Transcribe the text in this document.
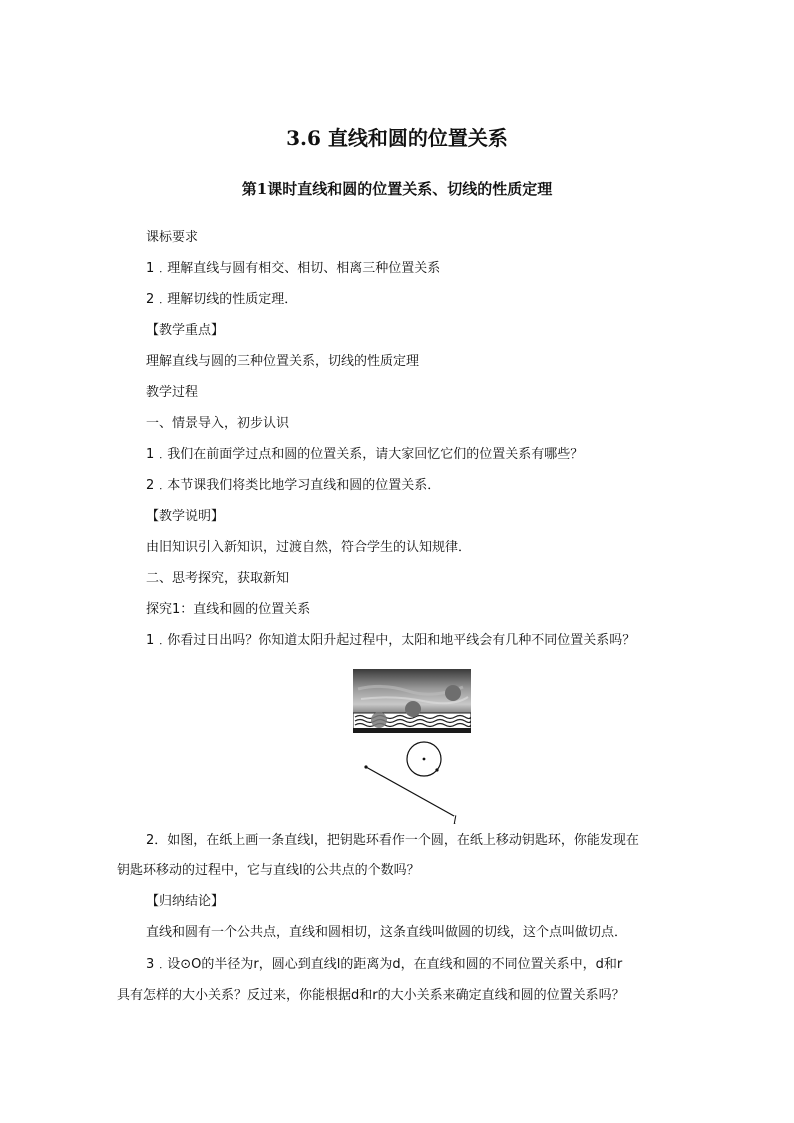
3.6 直线和圆的位置关系
第1课时直线和圆的位置关系、切线的性质定理
课标要求
1﹒理解直线与圆有相交、相切、相离三种位置关系
2﹒理解切线的性质定理．
【教学重点】
理解直线与圆的三种位置关系，切线的性质定理
教学过程
一、情景导入，初步认识
1﹒我们在前面学过点和圆的位置关系，请大家回忆它们的位置关系有哪些？
2﹒本节课我们将类比地学习直线和圆的位置关系．
【教学说明】
由旧知识引入新知识，过渡自然，符合学生的认知规律．
二、思考探究，获取新知
探究1：直线和圆的位置关系
1﹒你看过日出吗？你知道太阳升起过程中，太阳和地平线会有几种不同位置关系吗？
l
2．如图，在纸上画一条直线l，把钥匙环看作一个圆，在纸上移动钥匙环，你能发现在
钥匙环移动的过程中，它与直线l的公共点的个数吗？
【归纳结论】
直线和圆有一个公共点，直线和圆相切，这条直线叫做圆的切线，这个点叫做切点．
3﹒设⊙O的半径为r，圆心到直线l的距离为d，在直线和圆的不同位置关系中，d和r
具有怎样的大小关系？反过来，你能根据d和r的大小关系来确定直线和圆的位置关系吗？
